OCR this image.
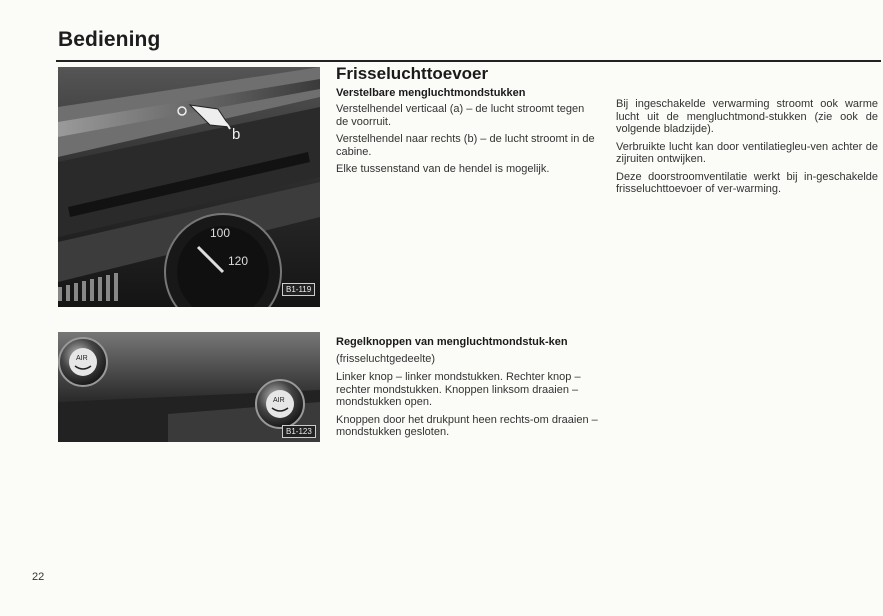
Bediening
100
120
b
B1-119
AIR
AIR
B1-123
Frisseluchttoevoer
Verstelbare mengluchtmondstukken

Verstelhendel verticaal (a) – de lucht stroomt tegen de voorruit.

Verstelhendel naar rechts (b) – de lucht stroomt in de cabine.

Elke tussenstand van de hendel is mogelijk.

Regelknoppen van mengluchtmondstuk-ken

(frisseluchtgedeelte)

Linker knop – linker mondstukken. Rechter knop – rechter mondstukken. Knoppen linksom draaien – mondstukken open.

Knoppen door het drukpunt heen rechts-om draaien – mondstukken gesloten.

Bij ingeschakelde verwarming stroomt ook warme lucht uit de mengluchtmond-stukken (zie ook de volgende bladzijde).

Verbruikte lucht kan door ventilatiegleu-ven achter de zijruiten ontwijken.

Deze doorstroomventilatie werkt bij in-geschakelde frisseluchttoevoer of ver-warming.

22
